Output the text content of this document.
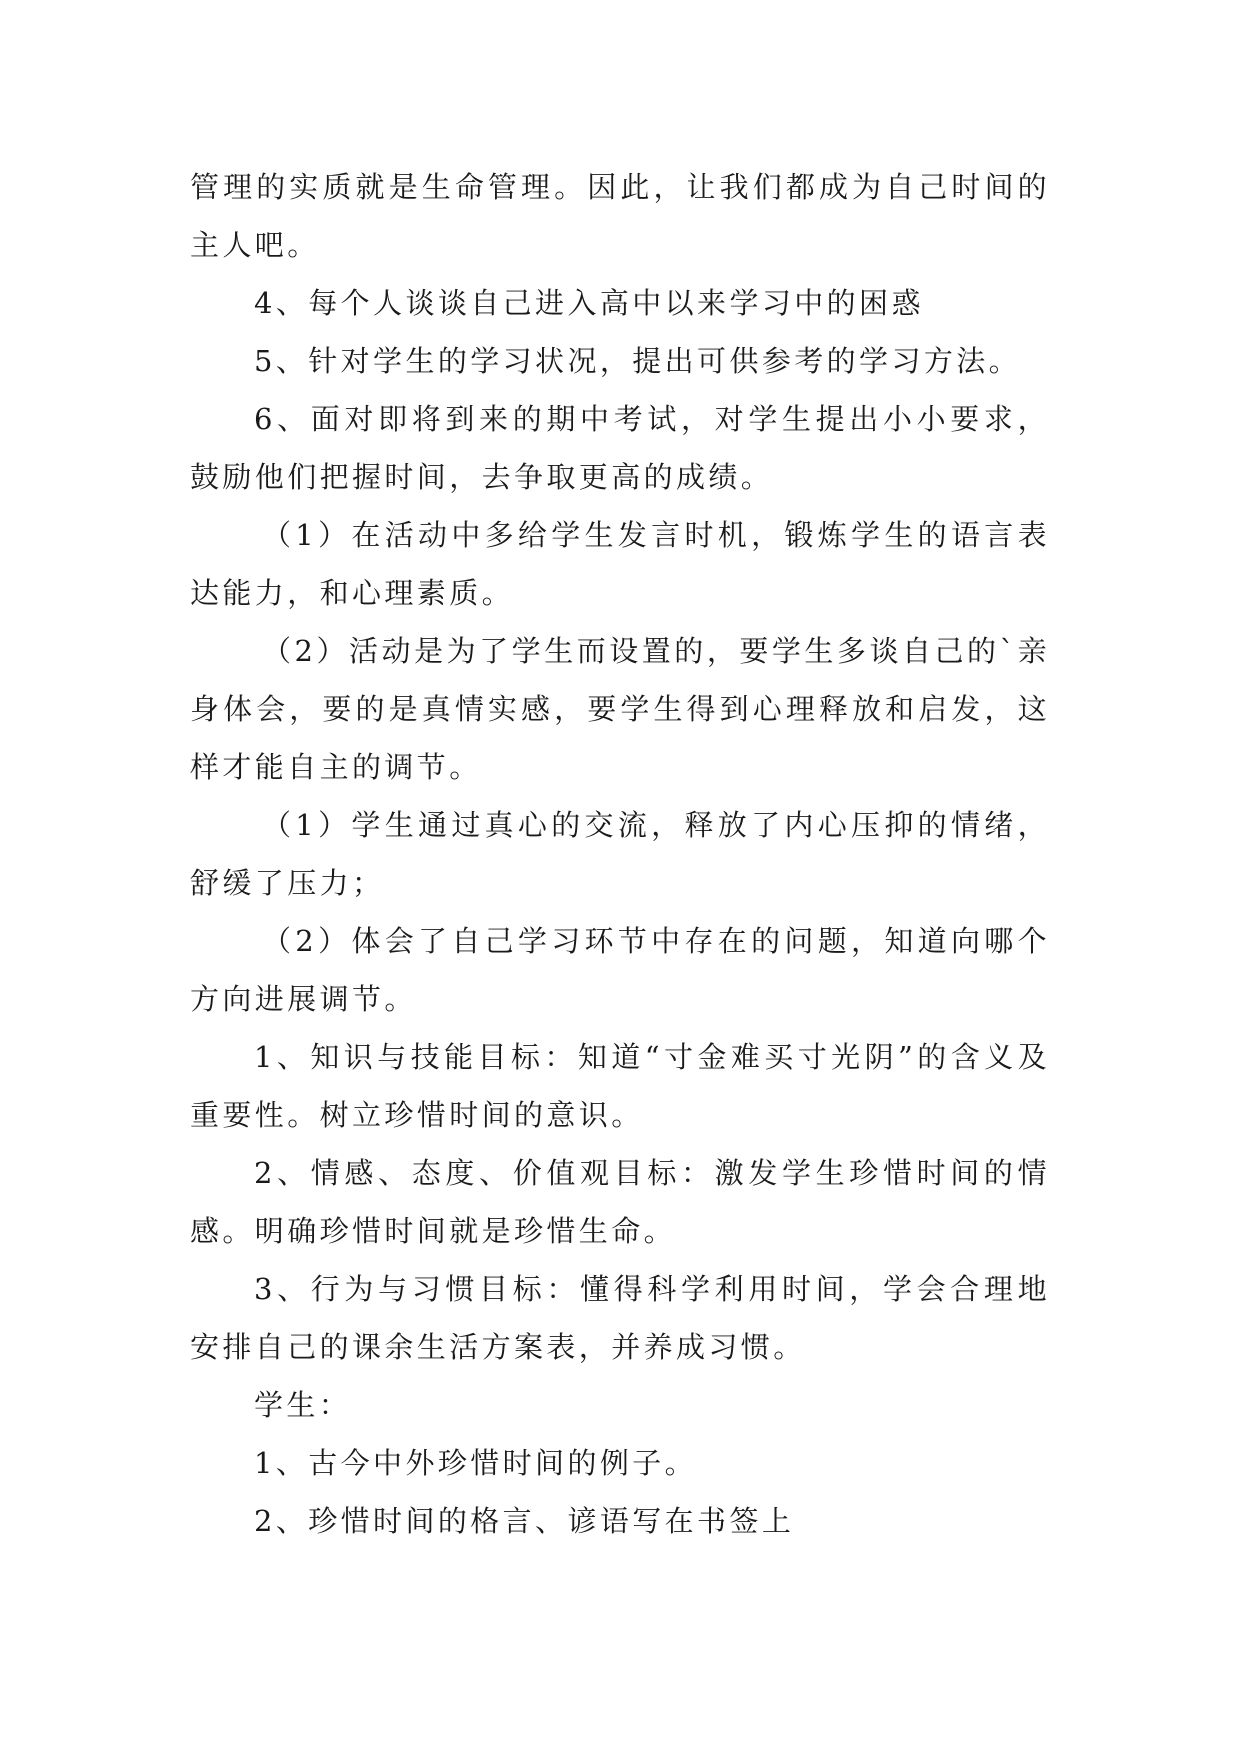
管理的实质就是生命管理。因此，让我们都成为自己时间的主人吧。

4、每个人谈谈自己进入高中以来学习中的困惑

5、针对学生的学习状况，提出可供参考的学习方法。

6、面对即将到来的期中考试，对学生提出小小要求，鼓励他们把握时间，去争取更高的成绩。

（1）在活动中多给学生发言时机，锻炼学生的语言表达能力，和心理素质。

（2）活动是为了学生而设置的，要学生多谈自己的`亲身体会，要的是真情实感，要学生得到心理释放和启发，这样才能自主的调节。

（1）学生通过真心的交流，释放了内心压抑的情绪，舒缓了压力；

（2）体会了自己学习环节中存在的问题，知道向哪个方向进展调节。

1、知识与技能目标：知道“寸金难买寸光阴”的含义及重要性。树立珍惜时间的意识。

2、情感、态度、价值观目标：激发学生珍惜时间的情感。明确珍惜时间就是珍惜生命。

3、行为与习惯目标：懂得科学利用时间，学会合理地安排自己的课余生活方案表，并养成习惯。

学生：

1、古今中外珍惜时间的例子。

2、珍惜时间的格言、谚语写在书签上
